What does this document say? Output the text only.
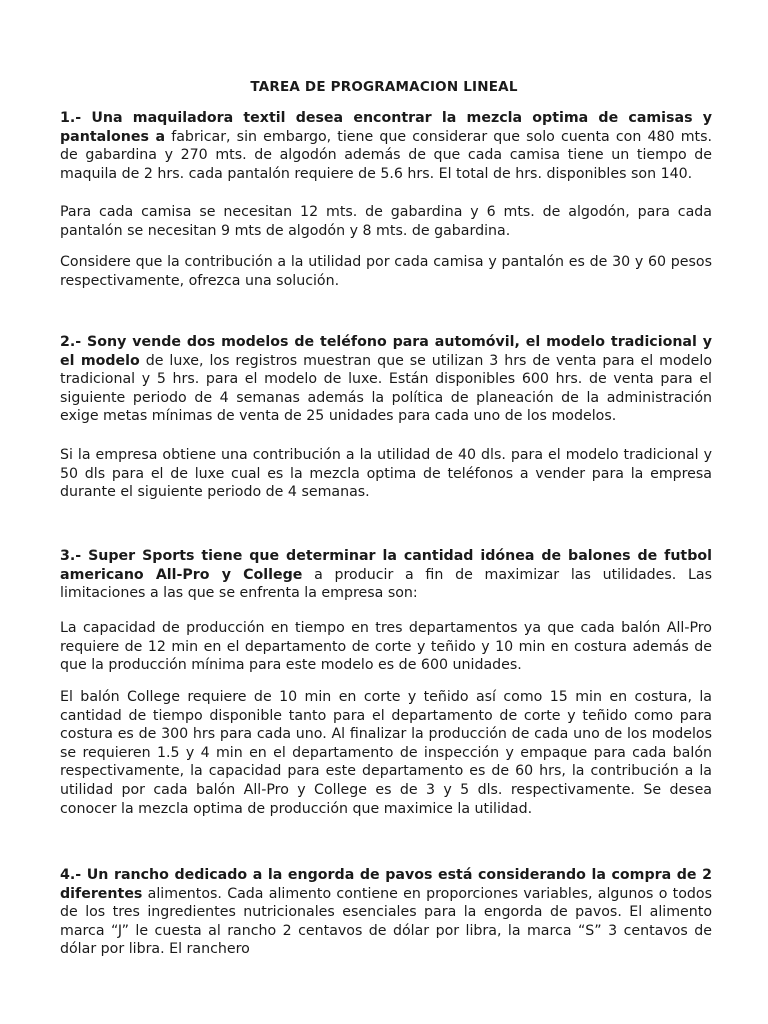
TAREA DE PROGRAMACION LINEAL
1.- Una maquiladora textil desea encontrar la mezcla optima de camisas y pantalones a fabricar, sin embargo, tiene que considerar que solo cuenta con 480 mts. de gabardina y 270 mts. de algodón además de que cada camisa tiene un tiempo de maquila de 2 hrs. cada pantalón requiere de 5.6 hrs. El total de hrs. disponibles son 140.
Para cada camisa se necesitan 12 mts. de gabardina y 6 mts. de algodón, para cada pantalón se necesitan 9 mts de algodón y 8 mts. de gabardina.
Considere que la contribución a la utilidad por cada camisa y pantalón es de 30 y 60 pesos respectivamente, ofrezca una solución.
2.- Sony vende dos modelos de teléfono para automóvil, el modelo tradicional y el modelo de luxe, los registros muestran que se utilizan 3 hrs de venta para el modelo tradicional y 5 hrs. para el modelo de luxe. Están disponibles 600 hrs. de venta para el siguiente periodo de 4 semanas además la política de planeación de la administración exige metas mínimas de venta de 25 unidades para cada uno de los modelos.
Si la empresa obtiene una contribución a la utilidad de 40 dls. para el modelo tradicional y 50 dls para el de luxe cual es la mezcla optima de teléfonos a vender para la empresa durante el siguiente periodo de 4 semanas.
3.- Super Sports tiene que determinar la cantidad idónea de balones de futbol americano All-Pro y College a producir a fin de maximizar las utilidades. Las limitaciones a las que se enfrenta la empresa son:
La capacidad de producción en tiempo en tres departamentos ya que cada balón All-Pro requiere de 12 min en el departamento de corte y teñido y 10 min en costura además de que la producción mínima para este modelo es de 600 unidades.
El balón College requiere de 10 min en corte y teñido así como 15 min en costura, la cantidad de tiempo disponible tanto para el departamento de corte y teñido como para costura es de 300 hrs para cada uno. Al finalizar la producción de cada uno de los modelos se requieren 1.5 y 4 min en el departamento de inspección y empaque para cada balón respectivamente, la capacidad para este departamento es de 60 hrs, la contribución a la utilidad por cada balón All-Pro y College es de 3 y 5 dls. respectivamente. Se desea conocer la mezcla optima de producción que maximice la utilidad.
4.- Un rancho dedicado a la engorda de pavos está considerando la compra de 2 diferentes alimentos. Cada alimento contiene en proporciones variables, algunos o todos de los tres ingredientes nutricionales esenciales para la engorda de pavos. El alimento marca “J” le cuesta al rancho 2 centavos de dólar por libra, la marca “S” 3 centavos de dólar por libra. El ranchero
